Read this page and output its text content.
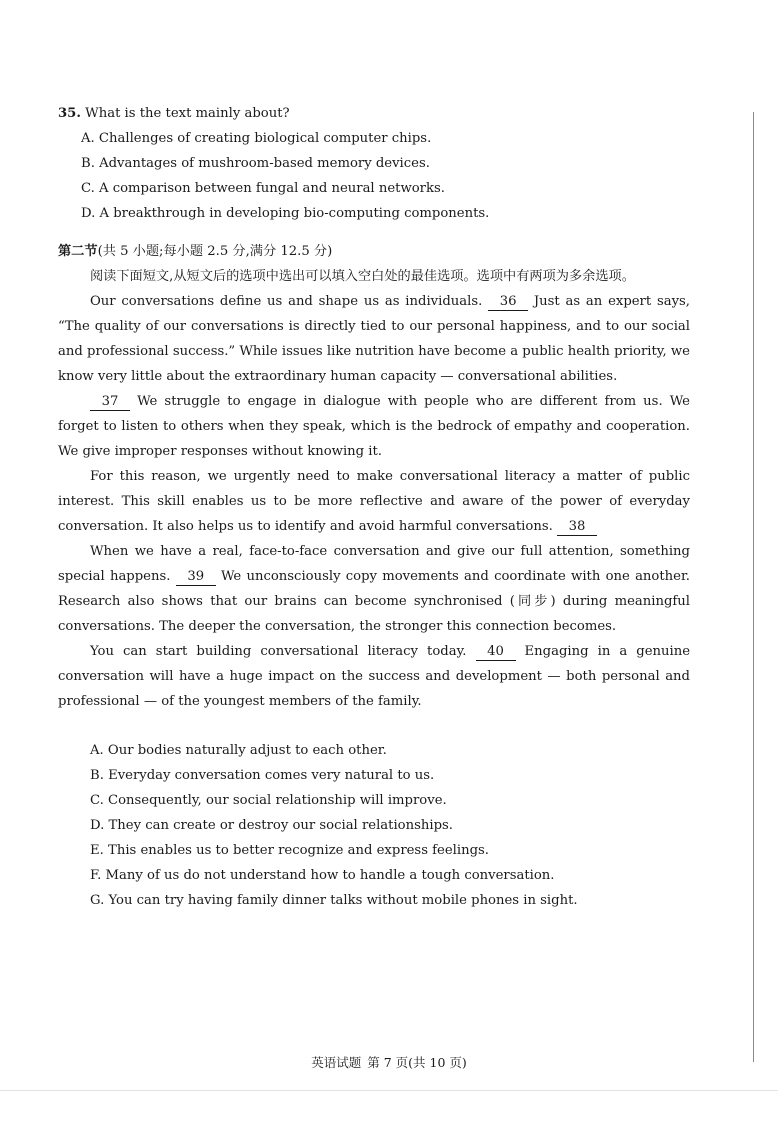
35. What is the text mainly about?
A. Challenges of creating biological computer chips.
B. Advantages of mushroom-based memory devices.
C. A comparison between fungal and neural networks.
D. A breakthrough in developing bio-computing components.
第二节(共 5 小题;每小题 2.5 分,满分 12.5 分)

阅读下面短文,从短文后的选项中选出可以填入空白处的最佳选项。选项中有两项为多余选项。

Our conversations define us and shape us as individuals. 36 Just as an expert says, “The quality of our conversations is directly tied to our personal happiness, and to our social and professional success.” While issues like nutrition have become a public health priority, we know very little about the extraordinary human capacity — conversational abilities.

37 We struggle to engage in dialogue with people who are different from us. We forget to listen to others when they speak, which is the bedrock of empathy and cooperation. We give improper responses without knowing it.

For this reason, we urgently need to make conversational literacy a matter of public interest. This skill enables us to be more reflective and aware of the power of everyday conversation. It also helps us to identify and avoid harmful conversations. 38

When we have a real, face-to-face conversation and give our full attention, something special happens. 39 We unconsciously copy movements and coordinate with one another. Research also shows that our brains can become synchronised (同步) during meaningful conversations. The deeper the conversation, the stronger this connection becomes.

You can start building conversational literacy today. 40 Engaging in a genuine conversation will have a huge impact on the success and development — both personal and professional — of the youngest members of the family.

A. Our bodies naturally adjust to each other.
B. Everyday conversation comes very natural to us.
C. Consequently, our social relationship will improve.
D. They can create or destroy our social relationships.
E. This enables us to better recognize and express feelings.
F. Many of us do not understand how to handle a tough conversation.
G. You can try having family dinner talks without mobile phones in sight.
英语试题 第 7 页(共 10 页)
